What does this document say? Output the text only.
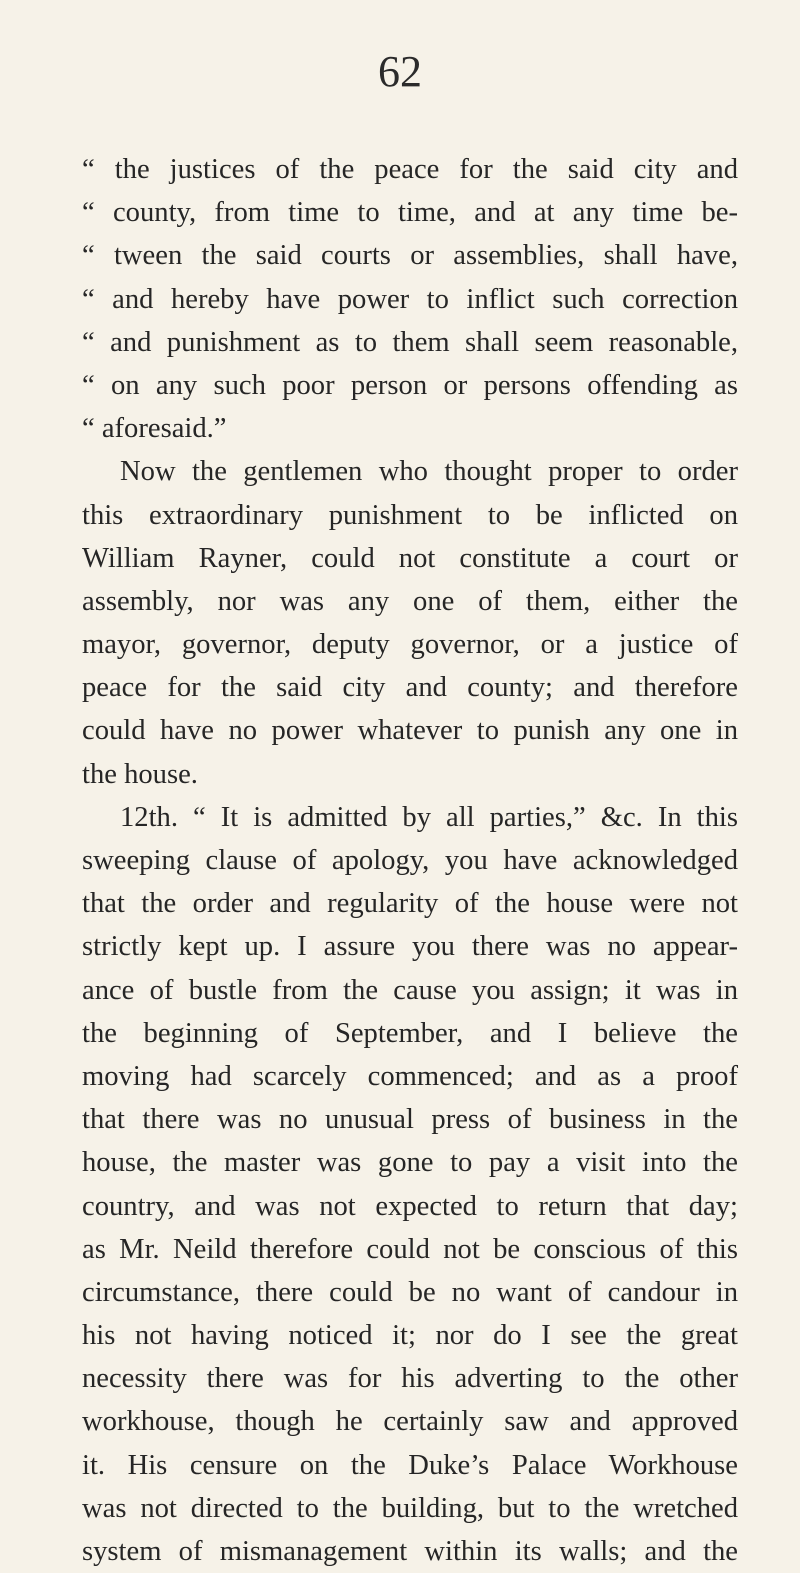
62
“ the justices of the peace for the said city and
“ county, from time to time, and at any time be-
“ tween the said courts or assemblies, shall have,
“ and hereby have power to inflict such correction
“ and punishment as to them shall seem reasonable,
“ on any such poor person or persons offending as
“ aforesaid.”
Now the gentlemen who thought proper to order
this extraordinary punishment to be inflicted on
William Rayner, could not constitute a court or
assembly, nor was any one of them, either the
mayor, governor, deputy governor, or a justice of
peace for the said city and county; and therefore
could have no power whatever to punish any one in
the house.
12th. “ It is admitted by all parties,” &c. In this
sweeping clause of apology, you have acknowledged
that the order and regularity of the house were not
strictly kept up. I assure you there was no appear-
ance of bustle from the cause you assign; it was in
the beginning of September, and I believe the
moving had scarcely commenced; and as a proof
that there was no unusual press of business in the
house, the master was gone to pay a visit into the
country, and was not expected to return that day;
as Mr. Neild therefore could not be conscious of this
circumstance, there could be no want of candour in
his not having noticed it; nor do I see the great
necessity there was for his adverting to the other
workhouse, though he certainly saw and approved
it. His censure on the Duke’s Palace Workhouse
was not directed to the building, but to the wretched
system of mismanagement within its walls; and the
